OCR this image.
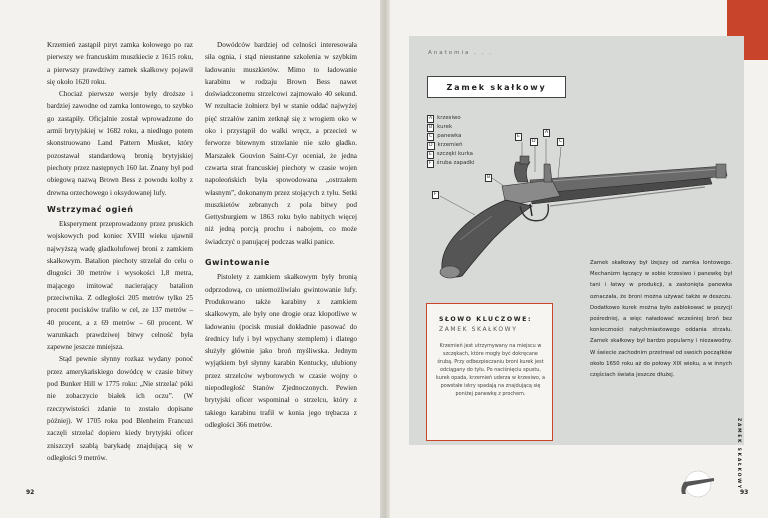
Krzemień zastąpił piryt zamka kołowego po raz pierwszy we francuskim muszkiecie z 1615 roku, a pierwszy prawdziwy zamek skałkowy pojawił się około 1620 roku.

Chociaż pierwsze wersje były droższe i bardziej zawodne od zamka lontowego, to szybko go zastąpiły. Oficjalnie został wprowadzone do armii brytyjskiej w 1682 roku, a niedługo potem skonstruowano Land Pattern Musket, który pozostawał standardową bronią brytyjskiej piechoty przez następnych 160 lat. Znany był pod obiegową nazwą Brown Bess z powodu kolby z drewna orzechowego i oksydowanej lufy.

Wstrzymać ogień

Eksperyment przeprowadzony przez pruskich wojskowych pod koniec XVIII wieku ujawnił najwyższą wadę gładkolufowej broni z zamkiem skałkowym. Batalion piechoty strzelał do celu o długości 30 metrów i wysokości 1,8 metra, mającego imitować nacierający batalion przeciwnika. Z odległości 205 metrów tylko 25 procent pocisków trafiło w cel, ze 137 metrów – 40 procent, a z 69 metrów – 60 procent. W warunkach prawdziwej bitwy celność była zapewne jeszcze mniejsza.

Stąd pewnie słynny rozkaz wydany ponoć przez amerykańskiego dowódcę w czasie bitwy pod Bunker Hill w 1775 roku: „Nie strzelać póki nie zobaczycie białek ich oczu”. (W rzeczywistości zdanie to zostało dopisane później). W 1705 roku pod Blenheim Francuzi zaczęli strzelać dopiero kiedy brytyjski oficer zniszczył szablą barykadę znajdującą się w odległości 9 metrów.

Dowódców bardziej od celności interesowała siła ognia, i stąd nieustanne szkolenia w szybkim ładowaniu muszkietów. Mimo to ładowanie karabinu w rodzaju Brown Bess nawet doświadczonemu strzelcowi zajmowało 40 sekund. W rezultacie żołnierz był w stanie oddać najwyżej pięć strzałów zanim zetknął się z wrogiem oko w oko i przystąpił do walki wręcz, a przecież w ferworze bitewnym strzelanie nie szło gładko. Marszałek Gouvion Saint-Cyr oceniał, że jedna czwarta strat francuskiej piechoty w czasie wojen napoleońskich była spowodowana „ostrzałem własnym”, dokonanym przez stojących z tyłu. Setki muszkietów zebranych z pola bitwy pod Gettysburgiem w 1863 roku było nabitych więcej niż jedną porcją prochu i nabojem, co może świadczyć o panującej podczas walki panice.

Gwintowanie

Pistolety z zamkiem skałkowym były bronią odprzodową, co uniemożliwiało gwintowanie lufy. Produkowano także karabiny z zamkiem skałkowym, ale były one drogie oraz kłopotliwe w ładowaniu (pocisk musiał dokładnie pasować do średnicy lufy i był wpychany stemplem) i dlatego służyły głównie jako broń myśliwska. Jednym wyjątkiem był słynny karabin Kentucky, ulubiony przez strzelców wyborowych w czasie wojny o niepodległość Stanów Zjednoczonych. Pewien brytyjski oficer wspominał o strzelcu, który z takiego karabinu trafił w konia jego trębacza z odległości 366 metrów.

92
Anatomia . . .
Zamek skałkowy
A krzesiwo
B kurek
C panewka
D krzemień
E szczęki kurka
F śruba zapadki
E
D
A
C
B
F
SŁOWO KLUCZOWE:
ZAMEK SKAŁKOWY
Krzemień jest utrzymywany na miejscu w szczękach, które mogły być dokręcane śrubą. Przy odbezpieczaniu broni kurek jest odciągany do tyłu. Po naciśnięciu spustu, kurek opada, krzemień uderza w krzesiwo, a powstałe iskry spadają na znajdującą się poniżej panewkę z prochem.
Zamek skałkowy był lżejszy od zamka lontowego. Mechanizm łączący w sobie krzesiwo i panewkę był tani i łatwy w produkcji, a zastonięta panewka oznaczała, że broni można używać także w deszczu. Dodatkowo kurek można było zablokować w pozycji pośredniej, a więc naładować wcześniej broń bez konieczności natychmiastowego oddania strzału. Zamek skałkowy był bardzo popularny i niezawodny. W świecie zachodnim przetrwał od swoich początków około 1650 roku aż do połowy XIX wieku, a w innych częściach świata jeszcze dłużej.
ZAMEK SKAŁKOWY
93
